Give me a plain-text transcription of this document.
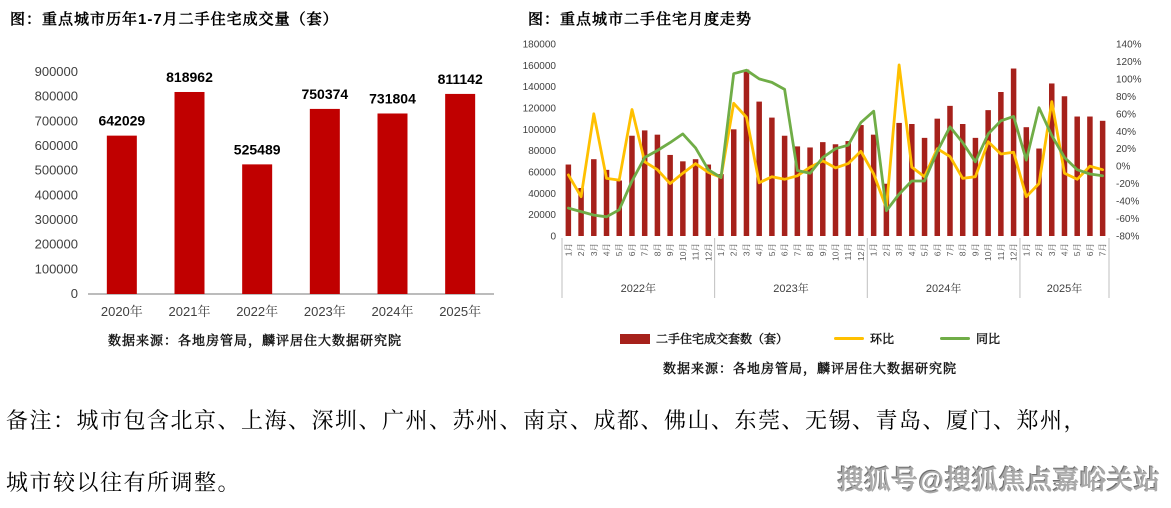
图：重点城市历年1-7月二手住宅成交量（套）	图：重点城市二手住宅月度走势
0
100000
200000
300000
400000
500000
600000
700000
800000
900000
642029
2020年
818962
2021年
525489
2022年
750374
2023年
731804
2024年
811142
2025年
0
20000
40000
60000
80000
100000
120000
140000
160000
180000
-80%
-60%
-40%
-20%
0%
20%
40%
60%
80%
100%
120%
140%
1月 2月 3月 4月 5月 6月 7月 8月 9月 10月 11月 12月 1月 2月 3月 4月 5月 6月 7月 8月 9月 10月 11月 12月 1月 2月 3月 4月 5月 6月 7月 8月 9月 10月 11月 12月 1月 2月 3月 4月 5月 6月 7月
2022年	2023年	2024年	2025年
二手住宅成交套数（套）	环比	同比
数据来源：各地房管局，麟评居住大数据研究院
数据来源：各地房管局，麟评居住大数据研究院
备注：城市包含北京、上海、深圳、广州、苏州、南京、成都、佛山、东莞、无锡、青岛、厦门、郑州，
城市较以往有所调整。	搜狐号@搜狐焦点嘉峪关站
